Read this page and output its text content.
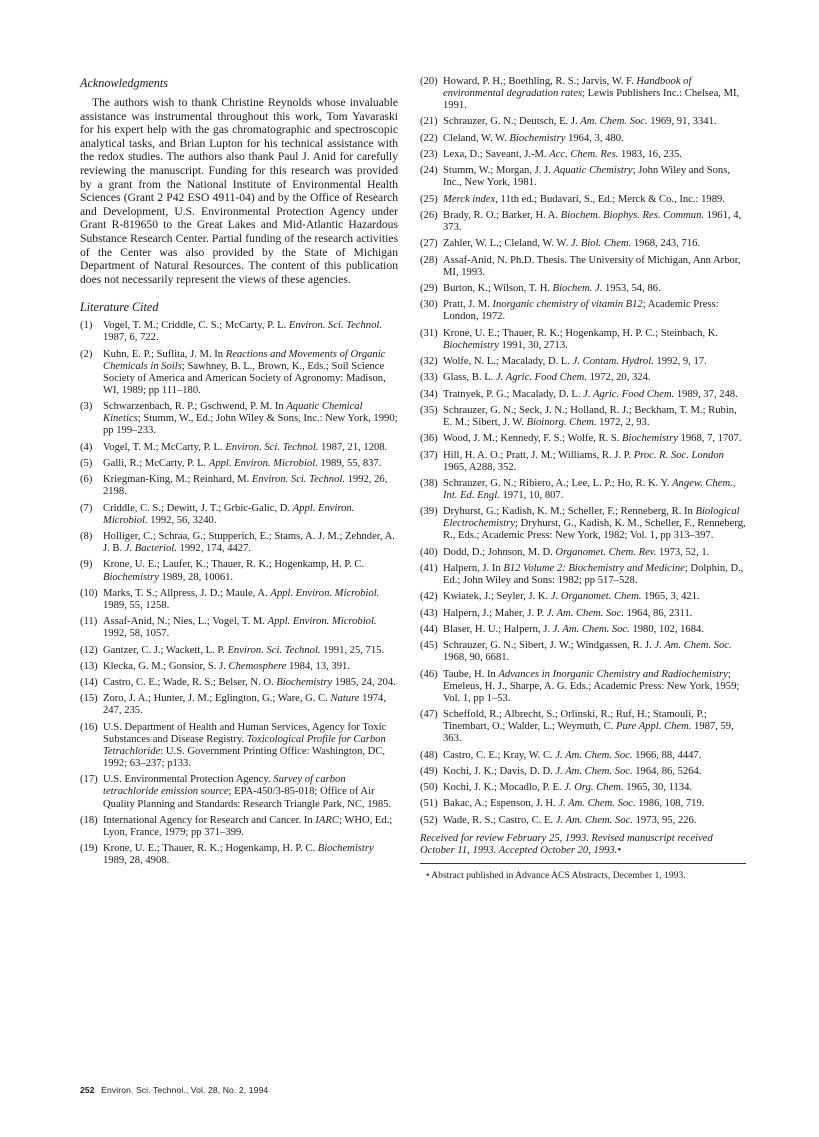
Acknowledgments

The authors wish to thank Christine Reynolds whose invaluable assistance was instrumental throughout this work, Tom Yavaraski for his expert help with the gas chromatographic and spectroscopic analytical tasks, and Brian Lupton for his technical assistance with the redox studies. The authors also thank Paul J. Anid for carefully reviewing the manuscript. Funding for this research was provided by a grant from the National Institute of Environmental Health Sciences (Grant 2 P42 ESO 4911-04) and by the Office of Research and Development, U.S. Environmental Protection Agency under Grant R-819650 to the Great Lakes and Mid-Atlantic Hazardous Substance Research Center. Partial funding of the research activities of the Center was also provided by the State of Michigan Department of Natural Resources. The content of this publication does not necessarily represent the views of these agencies.

Literature Cited
(1) Vogel, T. M.; Criddle, C. S.; McCarty, P. L. Environ. Sci. Technol. 1987, 6, 722.
(2) Kuhn, E. P.; Suflita, J. M. In Reactions and Movements of Organic Chemicals in Soils; Sawhney, B. L., Brown, K., Eds.; Soil Science Society of America and American Society of Agronomy: Madison, WI, 1989; pp 111–180.
(3) Schwarzenbach, R. P.; Gschwend, P. M. In Aquatic Chemical Kinetics; Stumm, W., Ed.; John Wiley & Sons, Inc.: New York, 1990; pp 199–233.
(4) Vogel, T. M.; McCarty, P. L. Environ. Sci. Technol. 1987, 21, 1208.
(5) Galli, R.; McCarty, P. L. Appl. Environ. Microbiol. 1989, 55, 837.
(6) Kriegman-King, M.; Reinhard, M. Environ. Sci. Technol. 1992, 26, 2198.
(7) Criddle, C. S.; Dewitt, J. T.; Grbic-Galic, D. Appl. Environ. Microbiol. 1992, 56, 3240.
(8) Holliger, C.; Schraa, G.; Stupperich, E.; Stams, A. J. M.; Zehnder, A. J. B. J. Bacteriol. 1992, 174, 4427.
(9) Krone, U. E.; Laufer, K.; Thauer, R. K.; Hogenkamp, H. P. C. Biochemistry 1989, 28, 10061.
(10) Marks, T. S.; Allpress, J. D.; Maule, A. Appl. Environ. Microbiol. 1989, 55, 1258.
(11) Assaf-Anid, N.; Nies, L.; Vogel, T. M. Appl. Environ. Microbiol. 1992, 58, 1057.
(12) Gantzer, C. J.; Wackett, L. P. Environ. Sci. Technol. 1991, 25, 715.
(13) Klecka, G. M.; Gonsior, S. J. Chemosphere 1984, 13, 391.
(14) Castro, C. E.; Wade, R. S.; Belser, N. O. Biochemistry 1985, 24, 204.
(15) Zoro, J. A.; Hunter, J. M.; Eglington, G.; Ware, G. C. Nature 1974, 247, 235.
(16) U.S. Department of Health and Human Services, Agency for Toxic Substances and Disease Registry. Toxicological Profile for Carbon Tetrachloride: U.S. Government Printing Office: Washington, DC, 1992; 63–237; p133.
(17) U.S. Environmental Protection Agency. Survey of carbon tetrachloride emission source; EPA-450/3-85-018; Office of Air Quality Planning and Standards: Research Triangle Park, NC, 1985.
(18) International Agency for Research and Cancer. In IARC; WHO, Ed.; Lyon, France, 1979; pp 371–399.
(19) Krone, U. E.; Thauer, R. K.; Hogenkamp, H. P. C. Biochemistry 1989, 28, 4908.
(20) Howard, P. H.; Boethling, R. S.; Jarvis, W. F. Handbook of environmental degradation rates; Lewis Publishers Inc.: Chelsea, MI, 1991.
(21) Schrauzer, G. N.; Deutsch, E. J. Am. Chem. Soc. 1969, 91, 3341.
(22) Cleland, W. W. Biochemistry 1964, 3, 480.
(23) Lexa, D.; Saveant, J.-M. Acc. Chem. Res. 1983, 16, 235.
(24) Stumm, W.; Morgan, J. J. Aquatic Chemistry; John Wiley and Sons, Inc., New York, 1981.
(25) Merck index, 11th ed.; Budavari, S., Ed.; Merck & Co., Inc.: 1989.
(26) Brady, R. O.; Barker, H. A. Biochem. Biophys. Res. Commun. 1961, 4, 373.
(27) Zahler, W. L.; Cleland, W. W. J. Biol. Chem. 1968, 243, 716.
(28) Assaf-Anid, N. Ph.D. Thesis. The University of Michigan, Ann Arbor, MI, 1993.
(29) Burton, K.; Wilson, T. H. Biochem. J. 1953, 54, 86.
(30) Pratt, J. M. Inorganic chemistry of vitamin B12; Academic Press: London, 1972.
(31) Krone, U. E.; Thauer, R. K.; Hogenkamp, H. P. C.; Steinbach, K. Biochemistry 1991, 30, 2713.
(32) Wolfe, N. L.; Macalady, D. L. J. Contam. Hydrol. 1992, 9, 17.
(33) Glass, B. L. J. Agric. Food Chem. 1972, 20, 324.
(34) Tratnyek, P. G.; Macalady, D. L. J. Agric. Food Chem. 1989, 37, 248.
(35) Schrauzer, G. N.; Seck, J. N.; Holland, R. J.; Beckham, T. M.; Rubin, E. M.; Sibert, J. W. Bioinorg. Chem. 1972, 2, 93.
(36) Wood, J. M.; Kennedy, F. S.; Wolfe, R. S. Biochemistry 1968, 7, 1707.
(37) Hill, H. A. O.; Pratt, J. M.; Williams, R. J. P. Proc. R. Soc. London 1965, A288, 352.
(38) Schrauzer, G. N.; Ribiero, A.; Lee, L. P.; Ho, R. K. Y. Angew. Chem., Int. Ed. Engl. 1971, 10, 807.
(39) Dryhurst, G.; Kadish, K. M.; Scheller, F.; Renneberg, R. In Biological Electrochemistry; Dryhurst, G., Kadish, K. M., Scheller, F., Renneberg, R., Eds.; Academic Press: New York, 1982; Vol. 1, pp 313–397.
(40) Dodd, D.; Johnson, M. D. Organomet. Chem. Rev. 1973, 52, 1.
(41) Halpern, J. In B12 Volume 2: Biochemistry and Medicine; Dolphin, D., Ed.; John Wiley and Sons: 1982; pp 517–528.
(42) Kwiatek, J.; Seyler, J. K. J. Organomet. Chem. 1965, 3, 421.
(43) Halpern, J.; Maher, J. P. J. Am. Chem. Soc. 1964, 86, 2311.
(44) Blaser, H. U.; Halpern, J. J. Am. Chem. Soc. 1980, 102, 1684.
(45) Schrauzer, G. N.; Sibert, J. W.; Windgassen, R. J. J. Am. Chem. Soc. 1968, 90, 6681.
(46) Taube, H. In Advances in Inorganic Chemistry and Radiochemistry; Emeleus, H. J., Sharpe, A. G. Eds.; Academic Press: New York, 1959; Vol. 1, pp 1–53.
(47) Scheffold, R.; Albrecht, S.; Orlinski, R.; Ruf, H.; Stamouli, P.; Tinembart, O.; Walder, L.; Weymuth, C. Pure Appl. Chem. 1987, 59, 363.
(48) Castro, C. E.; Kray, W. C. J. Am. Chem. Soc. 1966, 88, 4447.
(49) Kochi, J. K.; Davis, D. D. J. Am. Chem. Soc. 1964, 86, 5264.
(50) Kochi, J. K.; Mocadlo, P. E. J. Org. Chem. 1965, 30, 1134.
(51) Bakac, A.; Espenson, J. H. J. Am. Chem. Soc. 1986, 108, 719.
(52) Wade, R. S.; Castro, C. E. J. Am. Chem. Soc. 1973, 95, 226.

Received for review February 25, 1993. Revised manuscript received October 11, 1993. Accepted October 20, 1993.•

• Abstract published in Advance ACS Abstracts, December 1, 1993.
252 Environ. Sci. Technol., Vol. 28, No. 2, 1994
